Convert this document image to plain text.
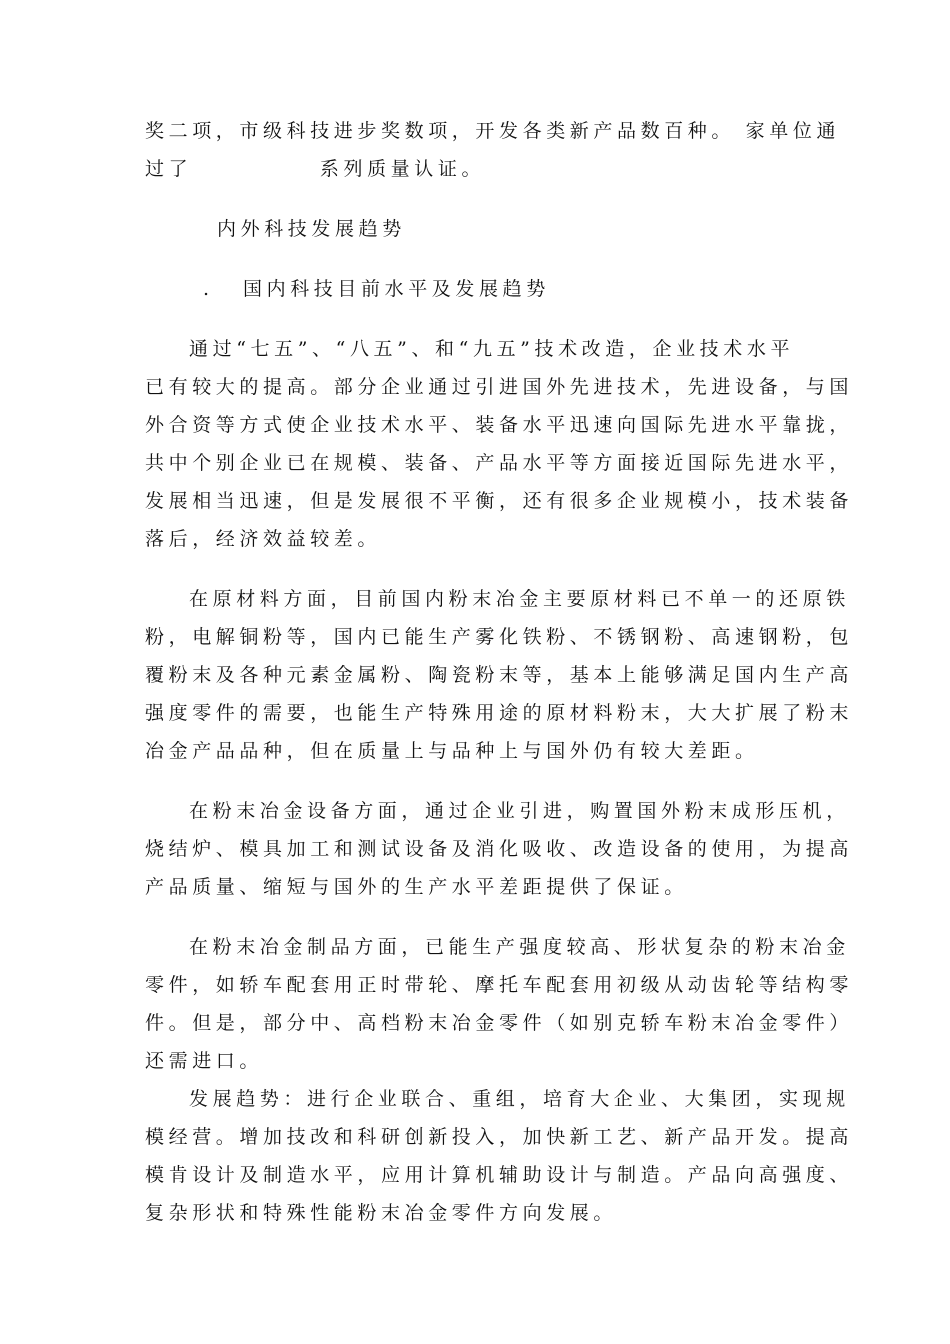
奖二项，市级科技进步奖数项，开发各类新产品数百种。 家单位通
过了            系列质量认证。
内外科技发展趋势
. 国内科技目前水平及发展趋势
通过“七五”、“八五”、和“九五”技术改造，企业技术水平
已有较大的提高。部分企业通过引进国外先进技术，先进设备，与国
外合资等方式使企业技术水平、装备水平迅速向国际先进水平靠拢，
共中个别企业已在规模、装备、产品水平等方面接近国际先进水平，
发展相当迅速，但是发展很不平衡，还有很多企业规模小，技术装备
落后，经济效益较差。
在原材料方面，目前国内粉末冶金主要原材料已不单一的还原铁
粉，电解铜粉等，国内已能生产雾化铁粉、不锈钢粉、高速钢粉，包
覆粉末及各种元素金属粉、陶瓷粉末等，基本上能够满足国内生产高
强度零件的需要，也能生产特殊用途的原材料粉末，大大扩展了粉末
冶金产品品种，但在质量上与品种上与国外仍有较大差距。
在粉末冶金设备方面，通过企业引进，购置国外粉末成形压机，
烧结炉、模具加工和测试设备及消化吸收、改造设备的使用，为提高
产品质量、缩短与国外的生产水平差距提供了保证。
在粉末冶金制品方面，已能生产强度较高、形状复杂的粉末冶金
零件，如轿车配套用正时带轮、摩托车配套用初级从动齿轮等结构零
件。但是，部分中、高档粉末冶金零件（如别克轿车粉末冶金零件）
还需进口。
发展趋势：进行企业联合、重组，培育大企业、大集团，实现规
模经营。增加技改和科研创新投入，加快新工艺、新产品开发。提高
模肯设计及制造水平，应用计算机辅助设计与制造。产品向高强度、
复杂形状和特殊性能粉末冶金零件方向发展。
